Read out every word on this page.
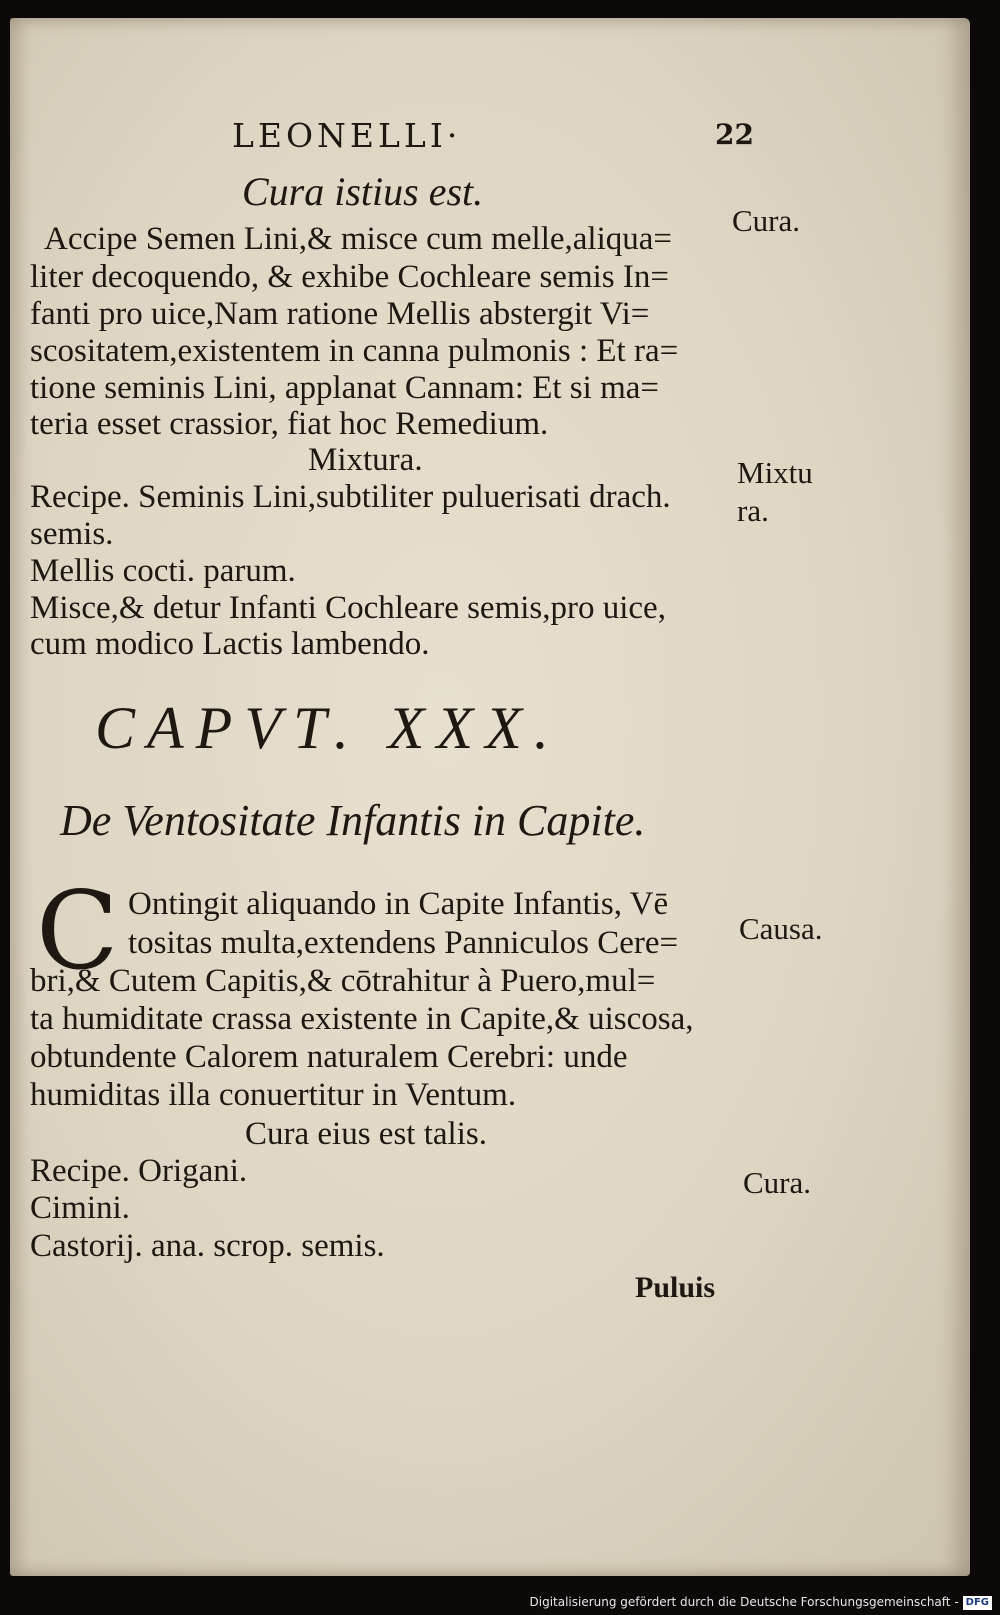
LEONELLI·	22

Cura istius est.

Accipe Semen Lini,& misce cum melle,aliqua=

liter decoquendo, & exhibe Cochleare semis In=

fanti pro uice,Nam ratione Mellis abstergit Vi=

scositatem,existentem in canna pulmonis : Et ra=

tione seminis Lini, applanat Cannam: Et si ma=

teria esset crassior, fiat hoc Remedium.

Mixtura.

Recipe. Seminis Lini,subtiliter puluerisati drach.

semis.

Mellis cocti. parum.

Misce,& detur Infanti Cochleare semis,pro uice,

cum modico Lactis lambendo.

CAPVT. XXX.

De Ventositate Infantis in Capite.

C Ontingit aliquando in Capite Infantis, Vē

tositas multa,extendens Panniculos Cere=

bri,& Cutem Capitis,& cōtrahitur à Puero,mul=

ta humiditate crassa existente in Capite,& uiscosa,

obtundente Calorem naturalem Cerebri: unde

humiditas illa conuertitur in Ventum.

Cura eius est talis.

Recipe. Origani.

Cimini.

Castorij. ana. scrop. semis.

Puluis

Cura.

Mixtu

ra.

Causa.

Cura.

Digitalisierung gefördert durch die Deutsche Forschungsgemeinschaft - DFG
